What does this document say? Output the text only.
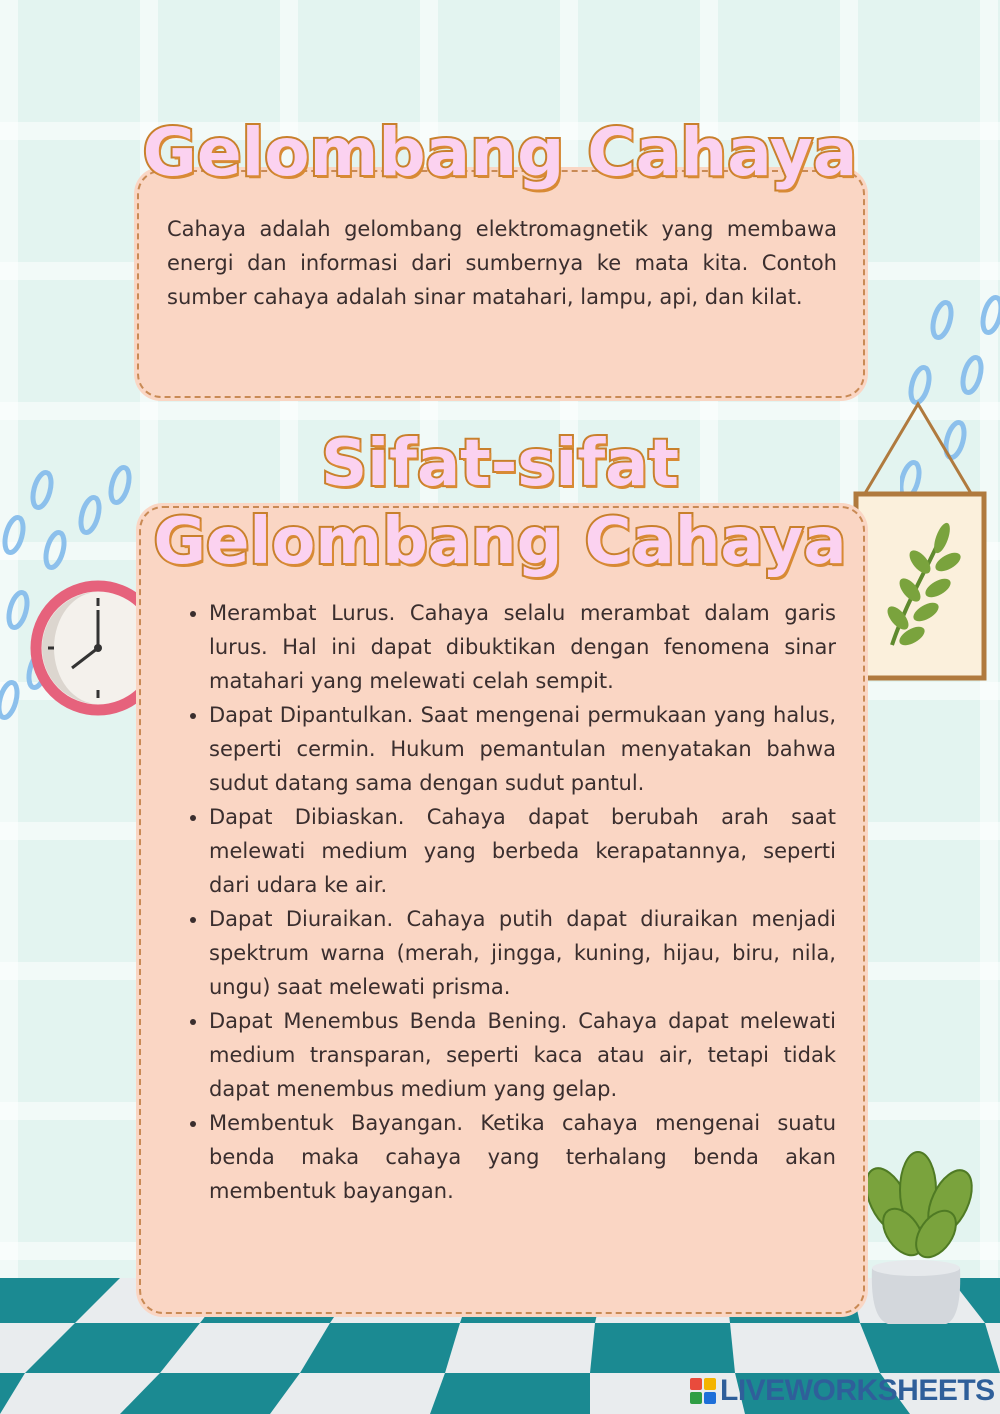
Gelombang Cahaya

Cahaya adalah gelombang elektromagnetik yang membawa energi dan informasi dari sumbernya ke mata kita. Contoh sumber cahaya adalah sinar matahari, lampu, api, dan kilat.

Sifat-sifat
Gelombang Cahaya
• Merambat Lurus. Cahaya selalu merambat dalam garis lurus. Hal ini dapat dibuktikan dengan fenomena sinar matahari yang melewati celah sempit.
• Dapat Dipantulkan. Saat mengenai permukaan yang halus, seperti cermin. Hukum pemantulan menyatakan bahwa sudut datang sama dengan sudut pantul.
• Dapat Dibiaskan. Cahaya dapat berubah arah saat melewati medium yang berbeda kerapatannya, seperti dari udara ke air.
• Dapat Diuraikan. Cahaya putih dapat diuraikan menjadi spektrum warna (merah, jingga, kuning, hijau, biru, nila, ungu) saat melewati prisma.
• Dapat Menembus Benda Bening. Cahaya dapat melewati medium transparan, seperti kaca atau air, tetapi tidak dapat menembus medium yang gelap.
• Membentuk Bayangan. Ketika cahaya mengenai suatu benda maka cahaya yang terhalang benda akan membentuk bayangan.
LIVEWORKSHEETS
